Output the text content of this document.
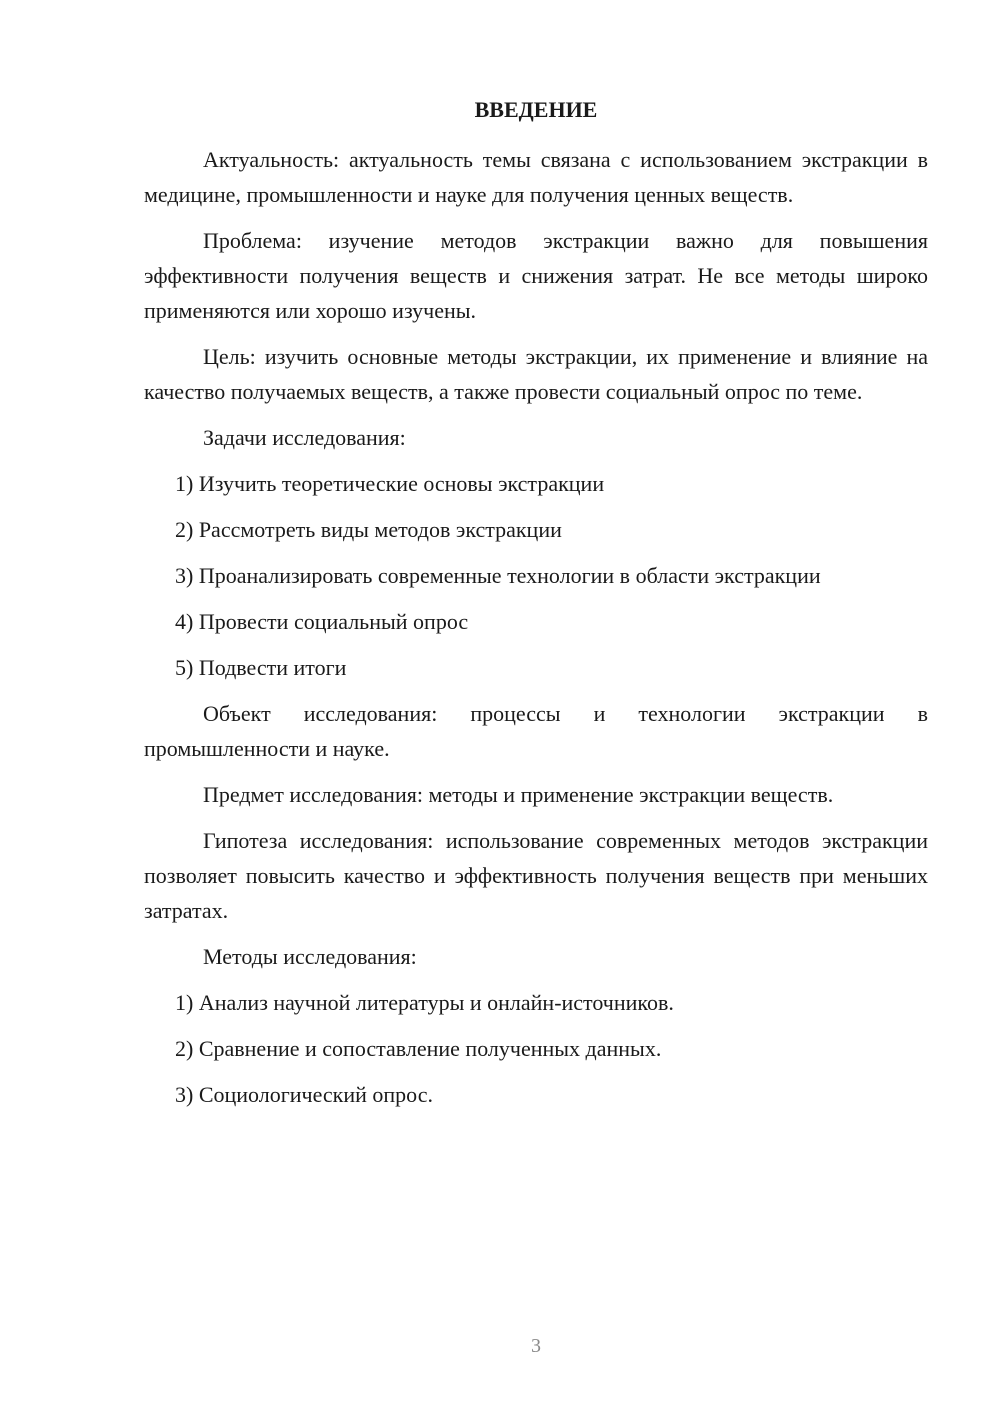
ВВЕДЕНИЕ

Актуальность: актуальность темы связана с использованием экстракции в медицине, промышленности и науке для получения ценных веществ.

Проблема: изучение методов экстракции важно для повышения эффективности получения веществ и снижения затрат. Не все методы широко применяются или хорошо изучены.

Цель: изучить основные методы экстракции, их применение и влияние на качество получаемых веществ, а также провести социальный опрос по теме.

Задачи исследования:

1) Изучить теоретические основы экстракции
2) Рассмотреть виды методов экстракции
3) Проанализировать современные технологии в области экстракции
4) Провести социальный опрос
5) Подвести итоги

Объект исследования: процессы и технологии экстракции в промышленности и науке.

Предмет исследования: методы и применение экстракции веществ.

Гипотеза исследования: использование современных методов экстракции позволяет повысить качество и эффективность получения веществ при меньших затратах.

Методы исследования:

1) Анализ научной литературы и онлайн-источников.
2) Сравнение и сопоставление полученных данных.
3) Социологический опрос.
3
